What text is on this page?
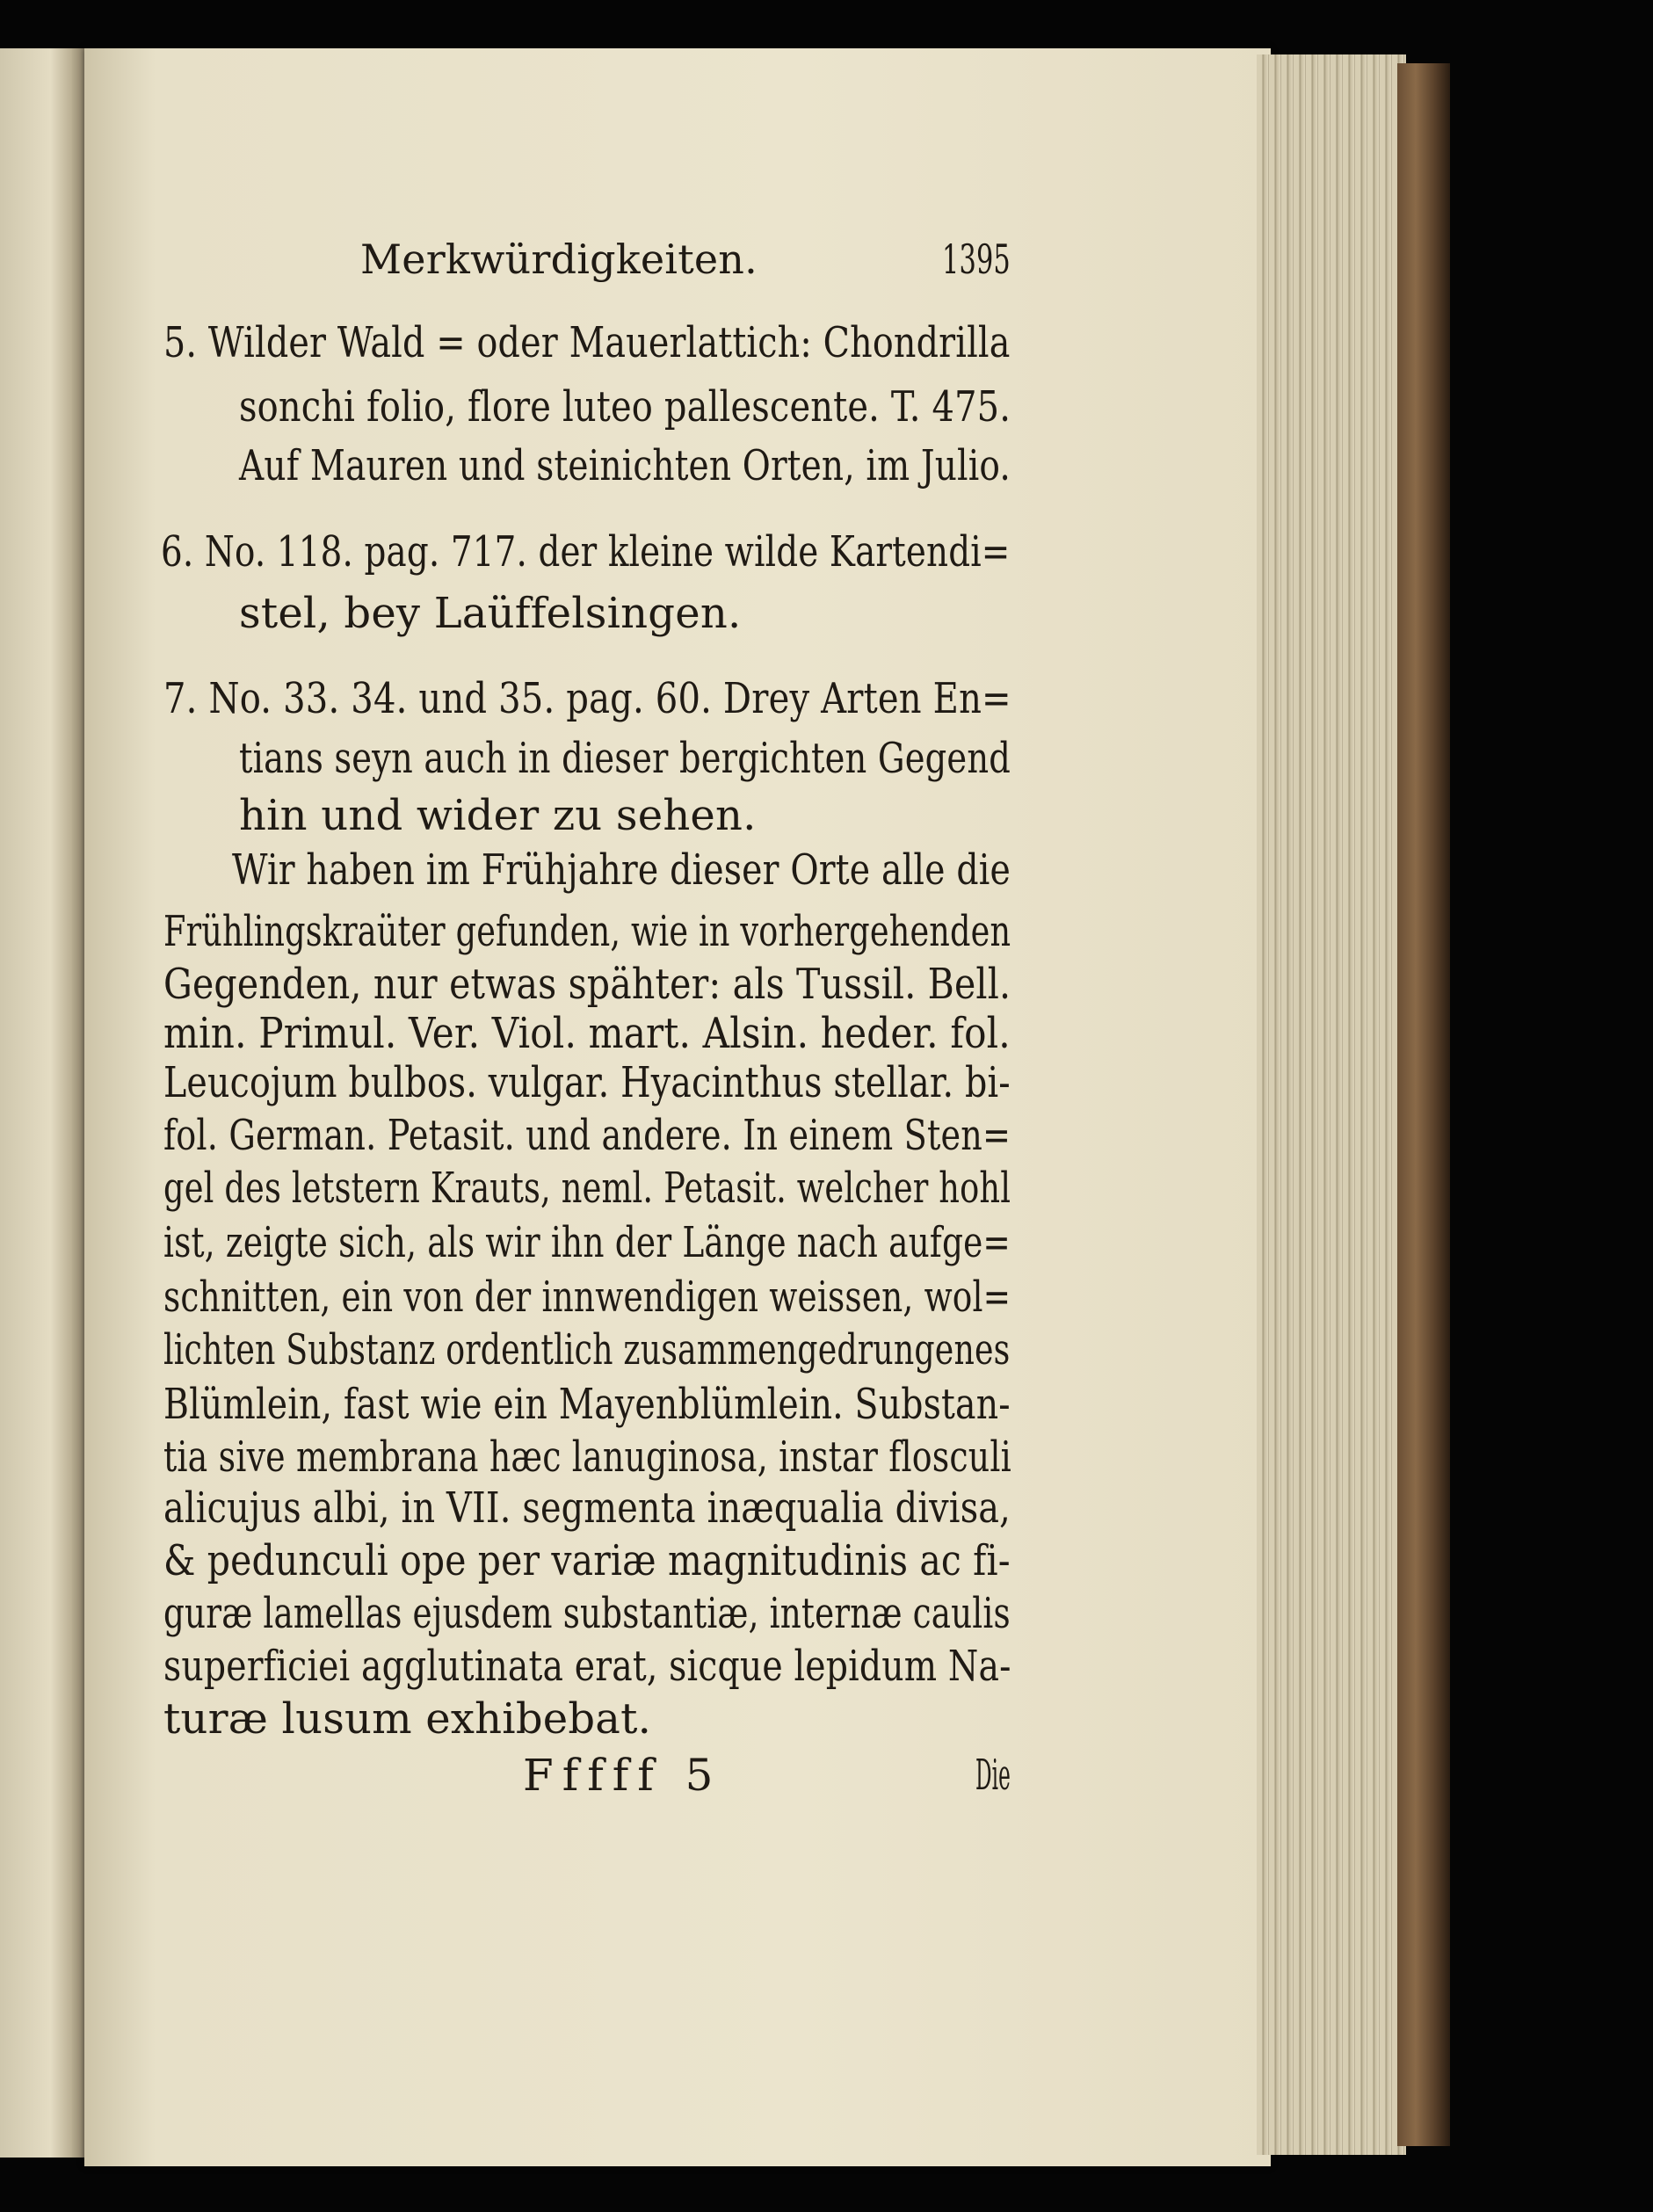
Merkwürdigkeiten.	1395
5. Wilder Wald = oder Mauerlattich: Chondrilla
sonchi folio, flore luteo pallescente. T. 475.
Auf Mauren und steinichten Orten, im Julio.
6. No. 118. pag. 717. der kleine wilde Kartendi=
stel, bey Laüffelsingen.
7. No. 33. 34. und 35. pag. 60. Drey Arten En=
tians seyn auch in dieser bergichten Gegend
hin und wider zu sehen.
Wir haben im Frühjahre dieser Orte alle die
Frühlingskraüter gefunden, wie in vorhergehenden
Gegenden, nur etwas spähter: als Tussil. Bell.
min. Primul. Ver. Viol. mart. Alsin. heder. fol.
Leucojum bulbos. vulgar. Hyacinthus stellar. bi-
fol. German. Petasit. und andere. In einem Sten=
gel des letstern Krauts, neml. Petasit. welcher hohl
ist, zeigte sich, als wir ihn der Länge nach aufge=
schnitten, ein von der innwendigen weissen, wol=
lichten Substanz ordentlich zusammengedrungenes
Blümlein, fast wie ein Mayenblümlein. Substan-
tia sive membrana hæc lanuginosa, instar flosculi
alicujus albi, in VII. segmenta inæqualia divisa,
& pedunculi ope per variæ magnitudinis ac fi-
guræ lamellas ejusdem substantiæ, internæ caulis
superficiei agglutinata erat, sicque lepidum Na-
turæ lusum exhibebat.
Fffff 5	Die
